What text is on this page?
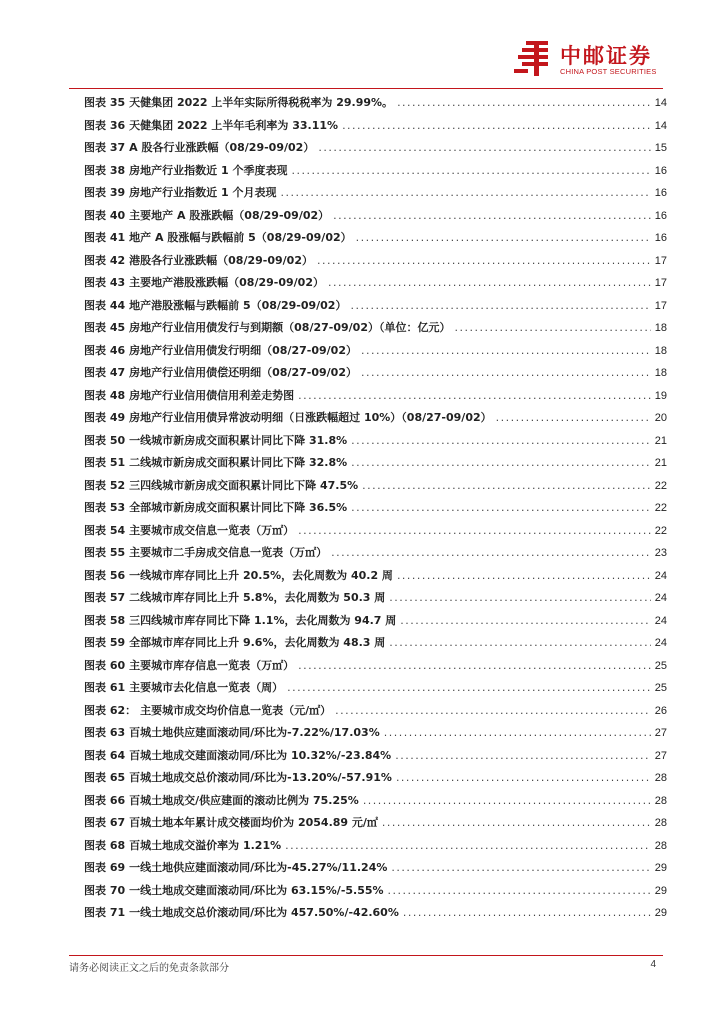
中邮证券
CHINA POST SECURITIES
图表 35 天健集团 2022 上半年实际所得税税率为 29.99%。 .....	14
图表 36 天健集团 2022 上半年毛利率为 33.11% .....	14
图表 37 A 股各行业涨跌幅（08/29-09/02） .....	15
图表 38 房地产行业指数近 1 个季度表现 .....	16
图表 39 房地产行业指数近 1 个月表现 .....	16
图表 40 主要地产 A 股涨跌幅（08/29-09/02） .....	16
图表 41 地产 A 股涨幅与跌幅前 5（08/29-09/02） .....	16
图表 42 港股各行业涨跌幅（08/29-09/02） .....	17
图表 43 主要地产港股涨跌幅（08/29-09/02） .....	17
图表 44 地产港股涨幅与跌幅前 5（08/29-09/02） .....	17
图表 45 房地产行业信用债发行与到期额（08/27-09/02）（单位：亿元） .....	18
图表 46 房地产行业信用债发行明细（08/27-09/02） .....	18
图表 47 房地产行业信用债偿还明细（08/27-09/02） .....	18
图表 48 房地产行业信用债信用利差走势图 .....	19
图表 49 房地产行业信用债异常波动明细（日涨跌幅超过 10%）（08/27-09/02） .....	20
图表 50 一线城市新房成交面积累计同比下降 31.8% .....	21
图表 51 二线城市新房成交面积累计同比下降 32.8% .....	21
图表 52 三四线城市新房成交面积累计同比下降 47.5% .....	22
图表 53 全部城市新房成交面积累计同比下降 36.5% .....	22
图表 54 主要城市成交信息一览表（万㎡） .....	22
图表 55 主要城市二手房成交信息一览表（万㎡） .....	23
图表 56 一线城市库存同比上升 20.5%，去化周数为 40.2 周 .....	24
图表 57 二线城市库存同比上升 5.8%，去化周数为 50.3 周 .....	24
图表 58 三四线城市库存同比下降 1.1%，去化周数为 94.7 周 .....	24
图表 59 全部城市库存同比上升 9.6%，去化周数为 48.3 周 .....	24
图表 60 主要城市库存信息一览表（万㎡） .....	25
图表 61 主要城市去化信息一览表（周） .....	25
图表 62： 主要城市成交均价信息一览表（元/㎡） .....	26
图表 63 百城土地供应建面滚动同/环比为-7.22%/17.03% .....	27
图表 64 百城土地成交建面滚动同/环比为 10.32%/-23.84% .....	27
图表 65 百城土地成交总价滚动同/环比为-13.20%/-57.91% .....	28
图表 66 百城土地成交/供应建面的滚动比例为 75.25% .....	28
图表 67 百城土地本年累计成交楼面均价为 2054.89 元/㎡ .....	28
图表 68 百城土地成交溢价率为 1.21% .....	28
图表 69 一线土地供应建面滚动同/环比为-45.27%/11.24% .....	29
图表 70 一线土地成交建面滚动同/环比为 63.15%/-5.55% .....	29
图表 71 一线土地成交总价滚动同/环比为 457.50%/-42.60% .....	29
请务必阅读正文之后的免责条款部分	4
